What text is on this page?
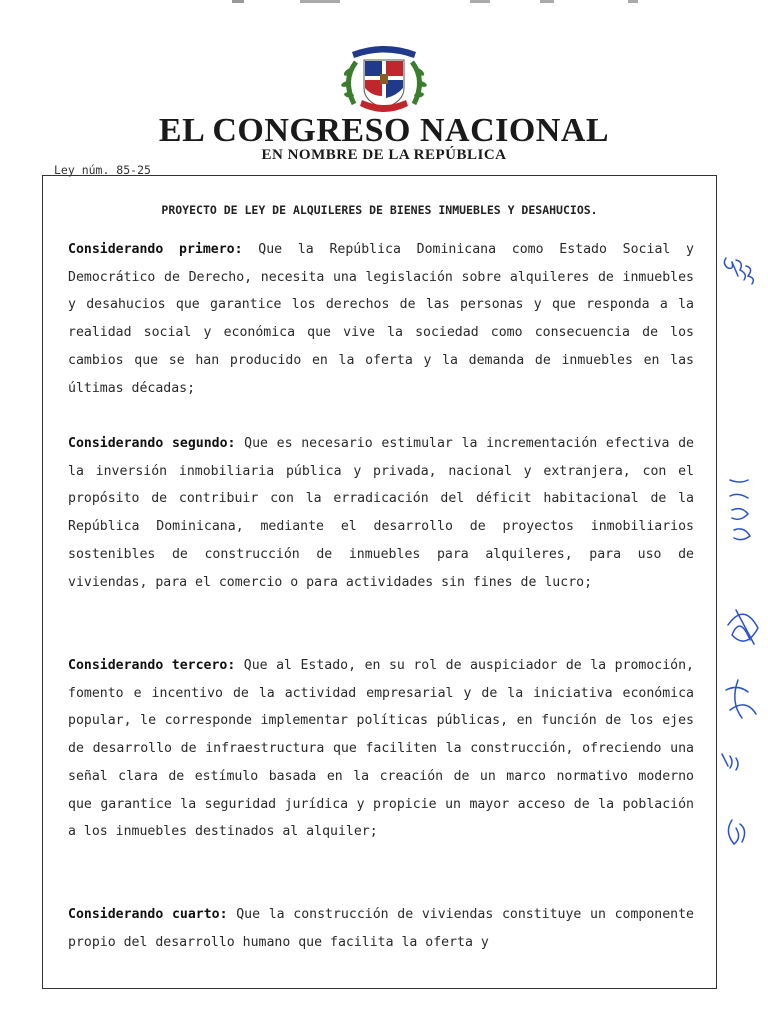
EL CONGRESO NACIONAL
EN NOMBRE DE LA REPÚBLICA
Ley núm. 85-25
PROYECTO DE LEY DE ALQUILERES DE BIENES INMUEBLES Y DESAHUCIOS.

Considerando primero: Que la República Dominicana como Estado Social y Democrático de Derecho, necesita una legislación sobre alquileres de inmuebles y desahucios que garantice los derechos de las personas y que responda a la realidad social y económica que vive la sociedad como consecuencia de los cambios que se han producido en la oferta y la demanda de inmuebles en las últimas décadas;

Considerando segundo: Que es necesario estimular la incrementación efectiva de la inversión inmobiliaria pública y privada, nacional y extranjera, con el propósito de contribuir con la erradicación del déficit habitacional de la República Dominicana, mediante el desarrollo de proyectos inmobiliarios sostenibles de construcción de inmuebles para alquileres, para uso de viviendas, para el comercio o para actividades sin fines de lucro;

Considerando tercero: Que al Estado, en su rol de auspiciador de la promoción, fomento e incentivo de la actividad empresarial y de la iniciativa económica popular, le corresponde implementar políticas públicas, en función de los ejes de desarrollo de infraestructura que faciliten la construcción, ofreciendo una señal clara de estímulo basada en la creación de un marco normativo moderno que garantice la seguridad jurídica y propicie un mayor acceso de la población a los inmuebles destinados al alquiler;

Considerando cuarto: Que la construcción de viviendas constituye un componente propio del desarrollo humano que facilita la oferta y
